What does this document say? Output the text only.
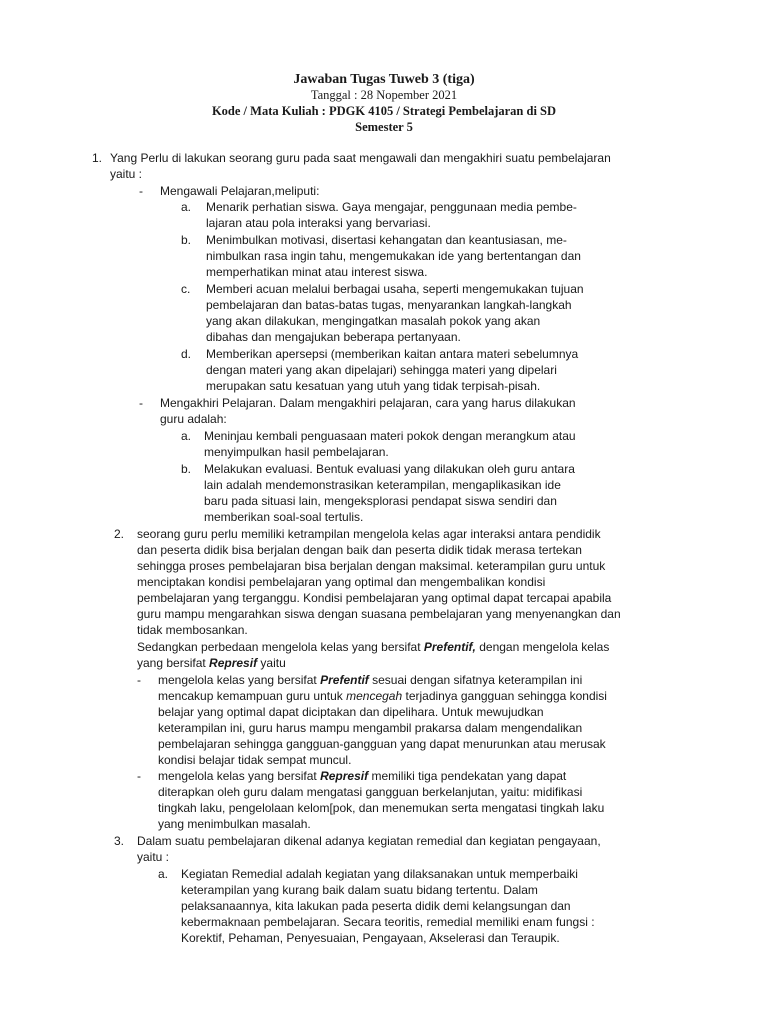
Jawaban Tugas Tuweb 3 (tiga)
Tanggal : 28 Nopember 2021
Kode / Mata Kuliah : PDGK 4105 / Strategi Pembelajaran di SD
Semester 5
1. Yang Perlu di lakukan seorang guru pada saat mengawali dan mengakhiri suatu pembelajaran
yaitu :
- Mengawali Pelajaran,meliputi:
a. Menarik perhatian siswa. Gaya mengajar, penggunaan media pembe-
lajaran atau pola interaksi yang bervariasi.
b. Menimbulkan motivasi, disertasi kehangatan dan keantusiasan, me-
nimbulkan rasa ingin tahu, mengemukakan ide yang bertentangan dan
memperhatikan minat atau interest siswa.
c. Memberi acuan melalui berbagai usaha, seperti mengemukakan tujuan
pembelajaran dan batas-batas tugas, menyarankan langkah-langkah
yang akan dilakukan, mengingatkan masalah pokok yang akan
dibahas dan mengajukan beberapa pertanyaan.
d. Memberikan apersepsi (memberikan kaitan antara materi sebelumnya
dengan materi yang akan dipelajari) sehingga materi yang dipelari
merupakan satu kesatuan yang utuh yang tidak terpisah-pisah.
- Mengakhiri Pelajaran. Dalam mengakhiri pelajaran, cara yang harus dilakukan
guru adalah:
a. Meninjau kembali penguasaan materi pokok dengan merangkum atau
menyimpulkan hasil pembelajaran.
b. Melakukan evaluasi. Bentuk evaluasi yang dilakukan oleh guru antara
lain adalah mendemonstrasikan keterampilan, mengaplikasikan ide
baru pada situasi lain, mengeksplorasi pendapat siswa sendiri dan
memberikan soal-soal tertulis.
2. seorang guru perlu memiliki ketrampilan mengelola kelas agar interaksi antara pendidik
dan peserta didik bisa berjalan dengan baik dan peserta didik tidak merasa tertekan
sehingga proses pembelajaran bisa berjalan dengan maksimal. keterampilan guru untuk
menciptakan kondisi pembelajaran yang optimal dan mengembalikan kondisi
pembelajaran yang terganggu. Kondisi pembelajaran yang optimal dapat tercapai apabila
guru mampu mengarahkan siswa dengan suasana pembelajaran yang menyenangkan dan
tidak membosankan.
Sedangkan perbedaan mengelola kelas yang bersifat Prefentif, dengan mengelola kelas
yang bersifat Represif yaitu
- mengelola kelas yang bersifat Prefentif sesuai dengan sifatnya keterampilan ini
mencakup kemampuan guru untuk mencegah terjadinya gangguan sehingga kondisi
belajar yang optimal dapat diciptakan dan dipelihara. Untuk mewujudkan
keterampilan ini, guru harus mampu mengambil prakarsa dalam mengendalikan
pembelajaran sehingga gangguan-gangguan yang dapat menurunkan atau merusak
kondisi belajar tidak sempat muncul.
- mengelola kelas yang bersifat Represif memiliki tiga pendekatan yang dapat
diterapkan oleh guru dalam mengatasi gangguan berkelanjutan, yaitu: midifikasi
tingkah laku, pengelolaan kelom[pok, dan menemukan serta mengatasi tingkah laku
yang menimbulkan masalah.
3. Dalam suatu pembelajaran dikenal adanya kegiatan remedial dan kegiatan pengayaan,
yaitu :
a. Kegiatan Remedial adalah kegiatan yang dilaksanakan untuk memperbaiki
keterampilan yang kurang baik dalam suatu bidang tertentu. Dalam
pelaksanaannya, kita lakukan pada peserta didik demi kelangsungan dan
kebermaknaan pembelajaran. Secara teoritis, remedial memiliki enam fungsi :
Korektif, Pehaman, Penyesuaian, Pengayaan, Akselerasi dan Teraupik.
